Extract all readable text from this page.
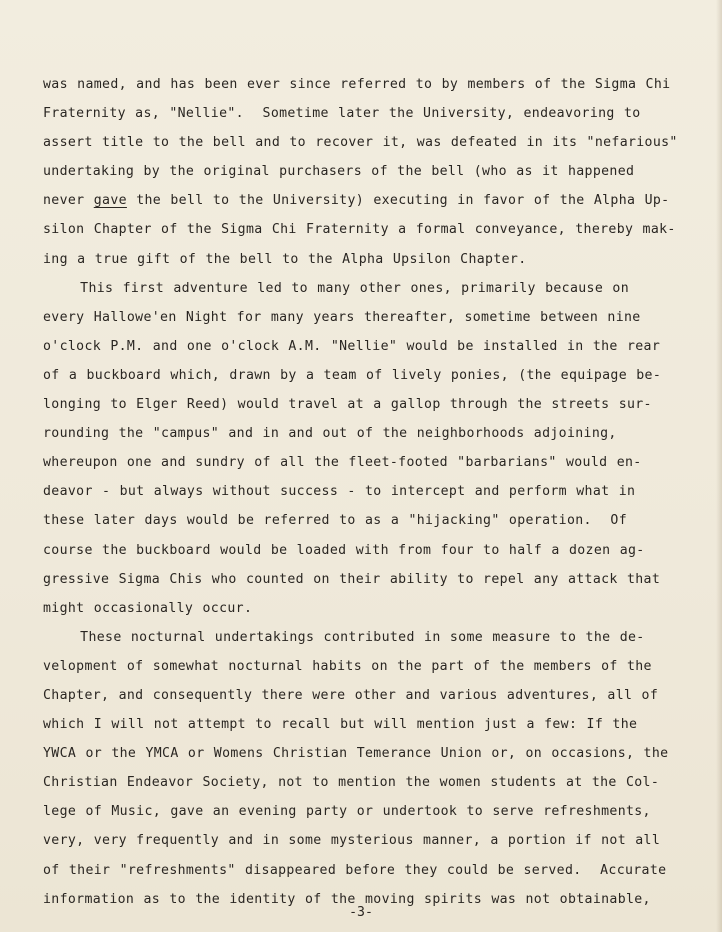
was named, and has been ever since referred to by members of the Sigma Chi
Fraternity as, "Nellie".  Sometime later the University, endeavoring to
assert title to the bell and to recover it, was defeated in its "nefarious"
undertaking by the original purchasers of the bell (who as it happened
never gave the bell to the University) executing in favor of the Alpha Up-
silon Chapter of the Sigma Chi Fraternity a formal conveyance, thereby mak-
ing a true gift of the bell to the Alpha Upsilon Chapter.
This first adventure led to many other ones, primarily because on
every Hallowe'en Night for many years thereafter, sometime between nine
o'clock P.M. and one o'clock A.M. "Nellie" would be installed in the rear
of a buckboard which, drawn by a team of lively ponies, (the equipage be-
longing to Elger Reed) would travel at a gallop through the streets sur-
rounding the "campus" and in and out of the neighborhoods adjoining,
whereupon one and sundry of all the fleet-footed "barbarians" would en-
deavor - but always without success - to intercept and perform what in
these later days would be referred to as a "hijacking" operation.  Of
course the buckboard would be loaded with from four to half a dozen ag-
gressive Sigma Chis who counted on their ability to repel any attack that
might occasionally occur.
These nocturnal undertakings contributed in some measure to the de-
velopment of somewhat nocturnal habits on the part of the members of the
Chapter, and consequently there were other and various adventures, all of
which I will not attempt to recall but will mention just a few: If the
YWCA or the YMCA or Womens Christian Temerance Union or, on occasions, the
Christian Endeavor Society, not to mention the women students at the Col-
lege of Music, gave an evening party or undertook to serve refreshments,
very, very frequently and in some mysterious manner, a portion if not all
of their "refreshments" disappeared before they could be served.  Accurate
information as to the identity of the moving spirits was not obtainable,
-3-
